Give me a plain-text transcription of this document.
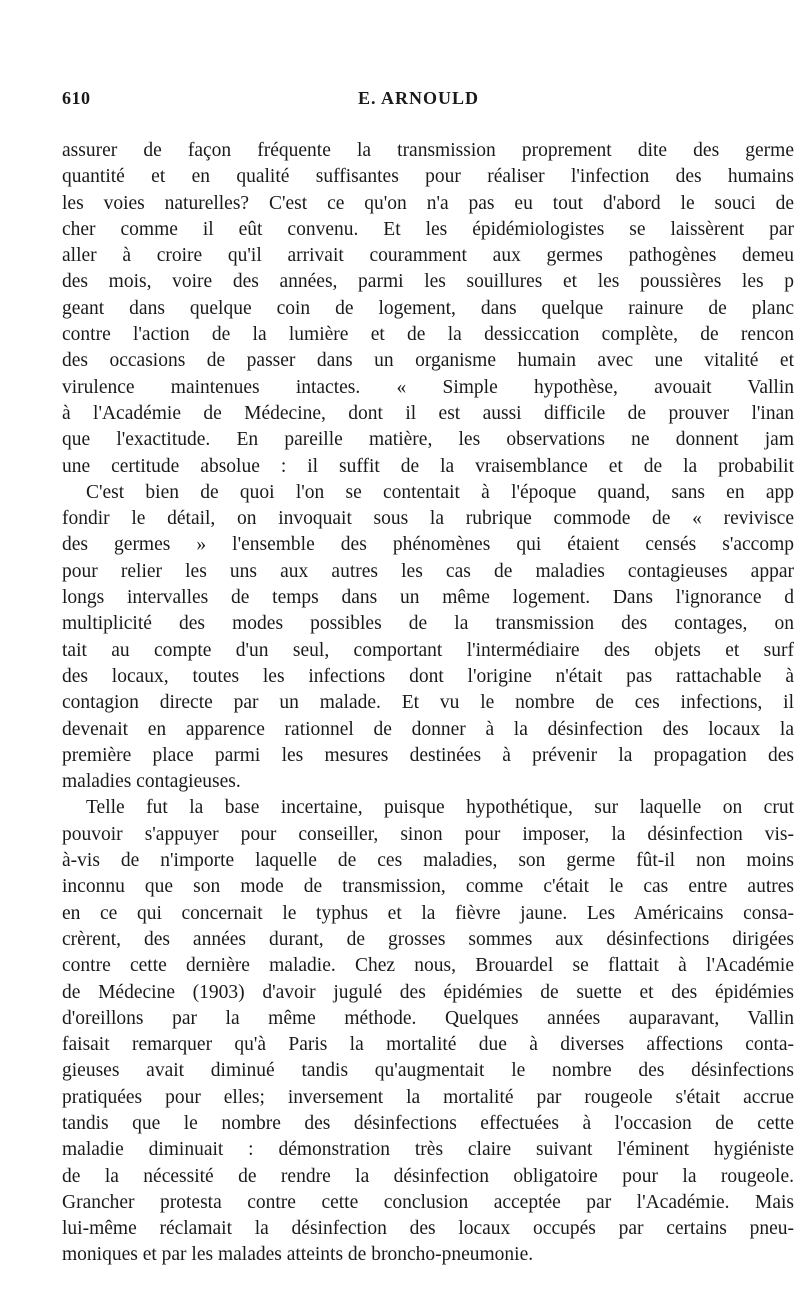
610	E. ARNOULD

assurer de façon fréquente la transmission proprement dite des germe
quantité et en qualité suffisantes pour réaliser l'infection des humains
les voies naturelles? C'est ce qu'on n'a pas eu tout d'abord le souci de
cher comme il eût convenu. Et les épidémiologistes se laissèrent par
aller à croire qu'il arrivait couramment aux germes pathogènes demeu
des mois, voire des années, parmi les souillures et les poussières les p
geant dans quelque coin de logement, dans quelque rainure de planc
contre l'action de la lumière et de la dessiccation complète, de rencon
des occasions de passer dans un organisme humain avec une vitalité et
virulence maintenues intactes. « Simple hypothèse, avouait Vallin
à l'Académie de Médecine, dont il est aussi difficile de prouver l'inan
que l'exactitude. En pareille matière, les observations ne donnent jam
une certitude absolue : il suffit de la vraisemblance et de la probabilit

C'est bien de quoi l'on se contentait à l'époque quand, sans en app
fondir le détail, on invoquait sous la rubrique commode de « revivisce
des germes » l'ensemble des phénomènes qui étaient censés s'accomp
pour relier les uns aux autres les cas de maladies contagieuses appar
longs intervalles de temps dans un même logement. Dans l'ignorance d
multiplicité des modes possibles de la transmission des contages, on
tait au compte d'un seul, comportant l'intermédiaire des objets et surf
des locaux, toutes les infections dont l'origine n'était pas rattachable à
contagion directe par un malade. Et vu le nombre de ces infections, il
devenait en apparence rationnel de donner à la désinfection des locaux la
première place parmi les mesures destinées à prévenir la propagation des
maladies contagieuses.

Telle fut la base incertaine, puisque hypothétique, sur laquelle on crut
pouvoir s'appuyer pour conseiller, sinon pour imposer, la désinfection vis-
à-vis de n'importe laquelle de ces maladies, son germe fût-il non moins
inconnu que son mode de transmission, comme c'était le cas entre autres
en ce qui concernait le typhus et la fièvre jaune. Les Américains consa-
crèrent, des années durant, de grosses sommes aux désinfections dirigées
contre cette dernière maladie. Chez nous, Brouardel se flattait à l'Académie
de Médecine (1903) d'avoir jugulé des épidémies de suette et des épidémies
d'oreillons par la même méthode. Quelques années auparavant, Vallin
faisait remarquer qu'à Paris la mortalité due à diverses affections conta-
gieuses avait diminué tandis qu'augmentait le nombre des désinfections
pratiquées pour elles; inversement la mortalité par rougeole s'était accrue
tandis que le nombre des désinfections effectuées à l'occasion de cette
maladie diminuait : démonstration très claire suivant l'éminent hygiéniste
de la nécessité de rendre la désinfection obligatoire pour la rougeole.
Grancher protesta contre cette conclusion acceptée par l'Académie. Mais
lui-même réclamait la désinfection des locaux occupés par certains pneu-
moniques et par les malades atteints de broncho-pneumonie.
